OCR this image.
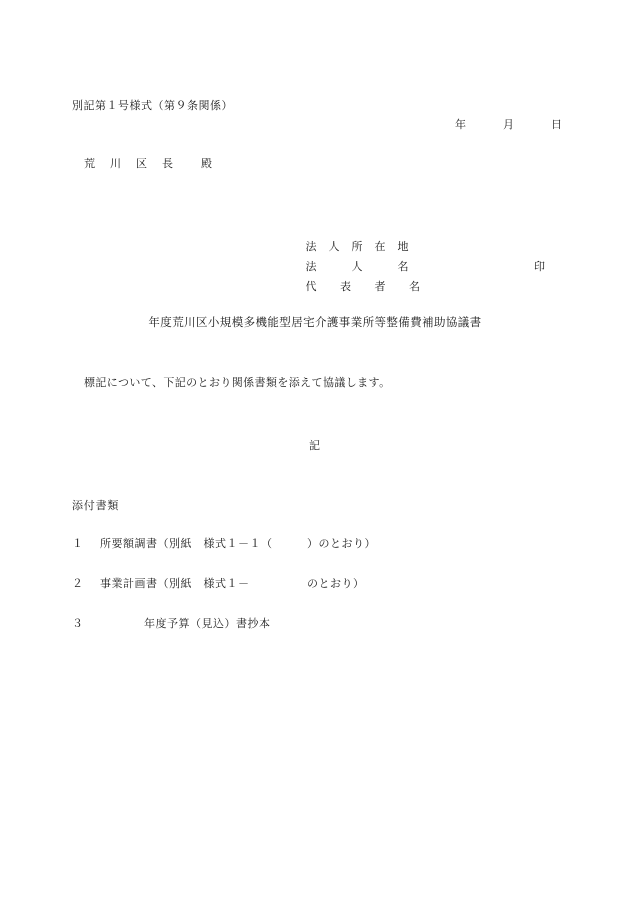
別記第１号様式（第９条関係）
年　　　月　　　日
荒　川　区　長　　殿

法　人　所　在　地

法　　　人　　　名

代　　表　　者　　名

印

年度荒川区小規模多機能型居宅介護事業所等整備費補助協議書
標記について、下記のとおり関係書類を添えて協議します。
記
添付書類

１

所要額調書（別紙　様式１－１（　　　）のとおり）

２

事業計画書（別紙　様式１－　　　　　のとおり）

３

	年度予算（見込）書抄本
